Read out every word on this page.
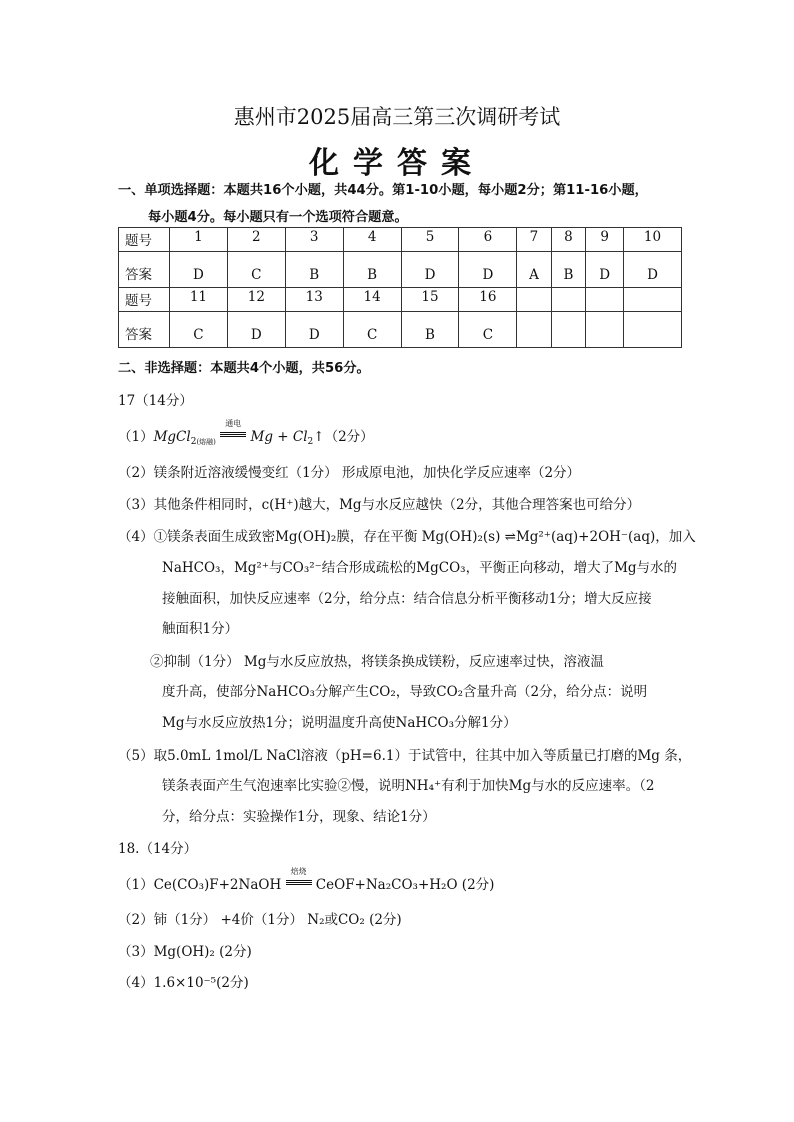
惠州市2025届高三第三次调研考试
化学答案
一、单项选择题：本题共16个小题，共44分。第1-10小题，每小题2分；第11-16小题，
每小题4分。每小题只有一个选项符合题意。
题号	1	2	3	4	5	6	7	8	9	10
答案	D	C	B	B	D	D	A	B	D	D
题号	11	12	13	14	15	16				
答案	C	D	D	C	B	C				
二、非选择题：本题共4个小题，共56分。
17（14分）
（1）MgCl$_{2(熔融)}$
通电
$Mg + Cl_2↑(2$分）
（2）镁条附近溶液缓慢变红（1分） 形成原电池，加快化学反应速率（2分）
（3）其他条件相同时，c(H⁺)越大，Mg与水反应越快（2分，其他合理答案也可给分）
（4）①镁条表面生成致密Mg(OH)₂膜，存在平衡 Mg(OH)₂(s) ⇌Mg²⁺(aq)+2OH⁻(aq)，加入
NaHCO₃，Mg²⁺与CO₃²⁻结合形成疏松的MgCO₃，平衡正向移动，增大了Mg与水的
接触面积，加快反应速率（2分，给分点：结合信息分析平衡移动1分；增大反应接
触面积1分）
②抑制（1分） Mg与水反应放热，将镁条换成镁粉，反应速率过快，溶液温
度升高，使部分NaHCO₃分解产生CO₂，导致CO₂含量升高（2分，给分点：说明
Mg与水反应放热1分；说明温度升高使NaHCO₃分解1分）
（5）取5.0mL 1mol/L NaCl溶液（pH=6.1）于试管中，往其中加入等质量已打磨的Mg 条，
镁条表面产生气泡速率比实验②慢，说明NH₄⁺有利于加快Mg与水的反应速率。（2
分，给分点：实验操作1分，现象、结论1分）
18.（14分）
（1）Ce(CO₃)F+2NaOH
焙烧
CeOF+Na₂CO₃+H₂O (2分)
（2）铈（1分） +4价（1分） N₂或CO₂ (2分)
（3）Mg(OH)₂ (2分)
（4）1.6×10⁻⁵(2分)
